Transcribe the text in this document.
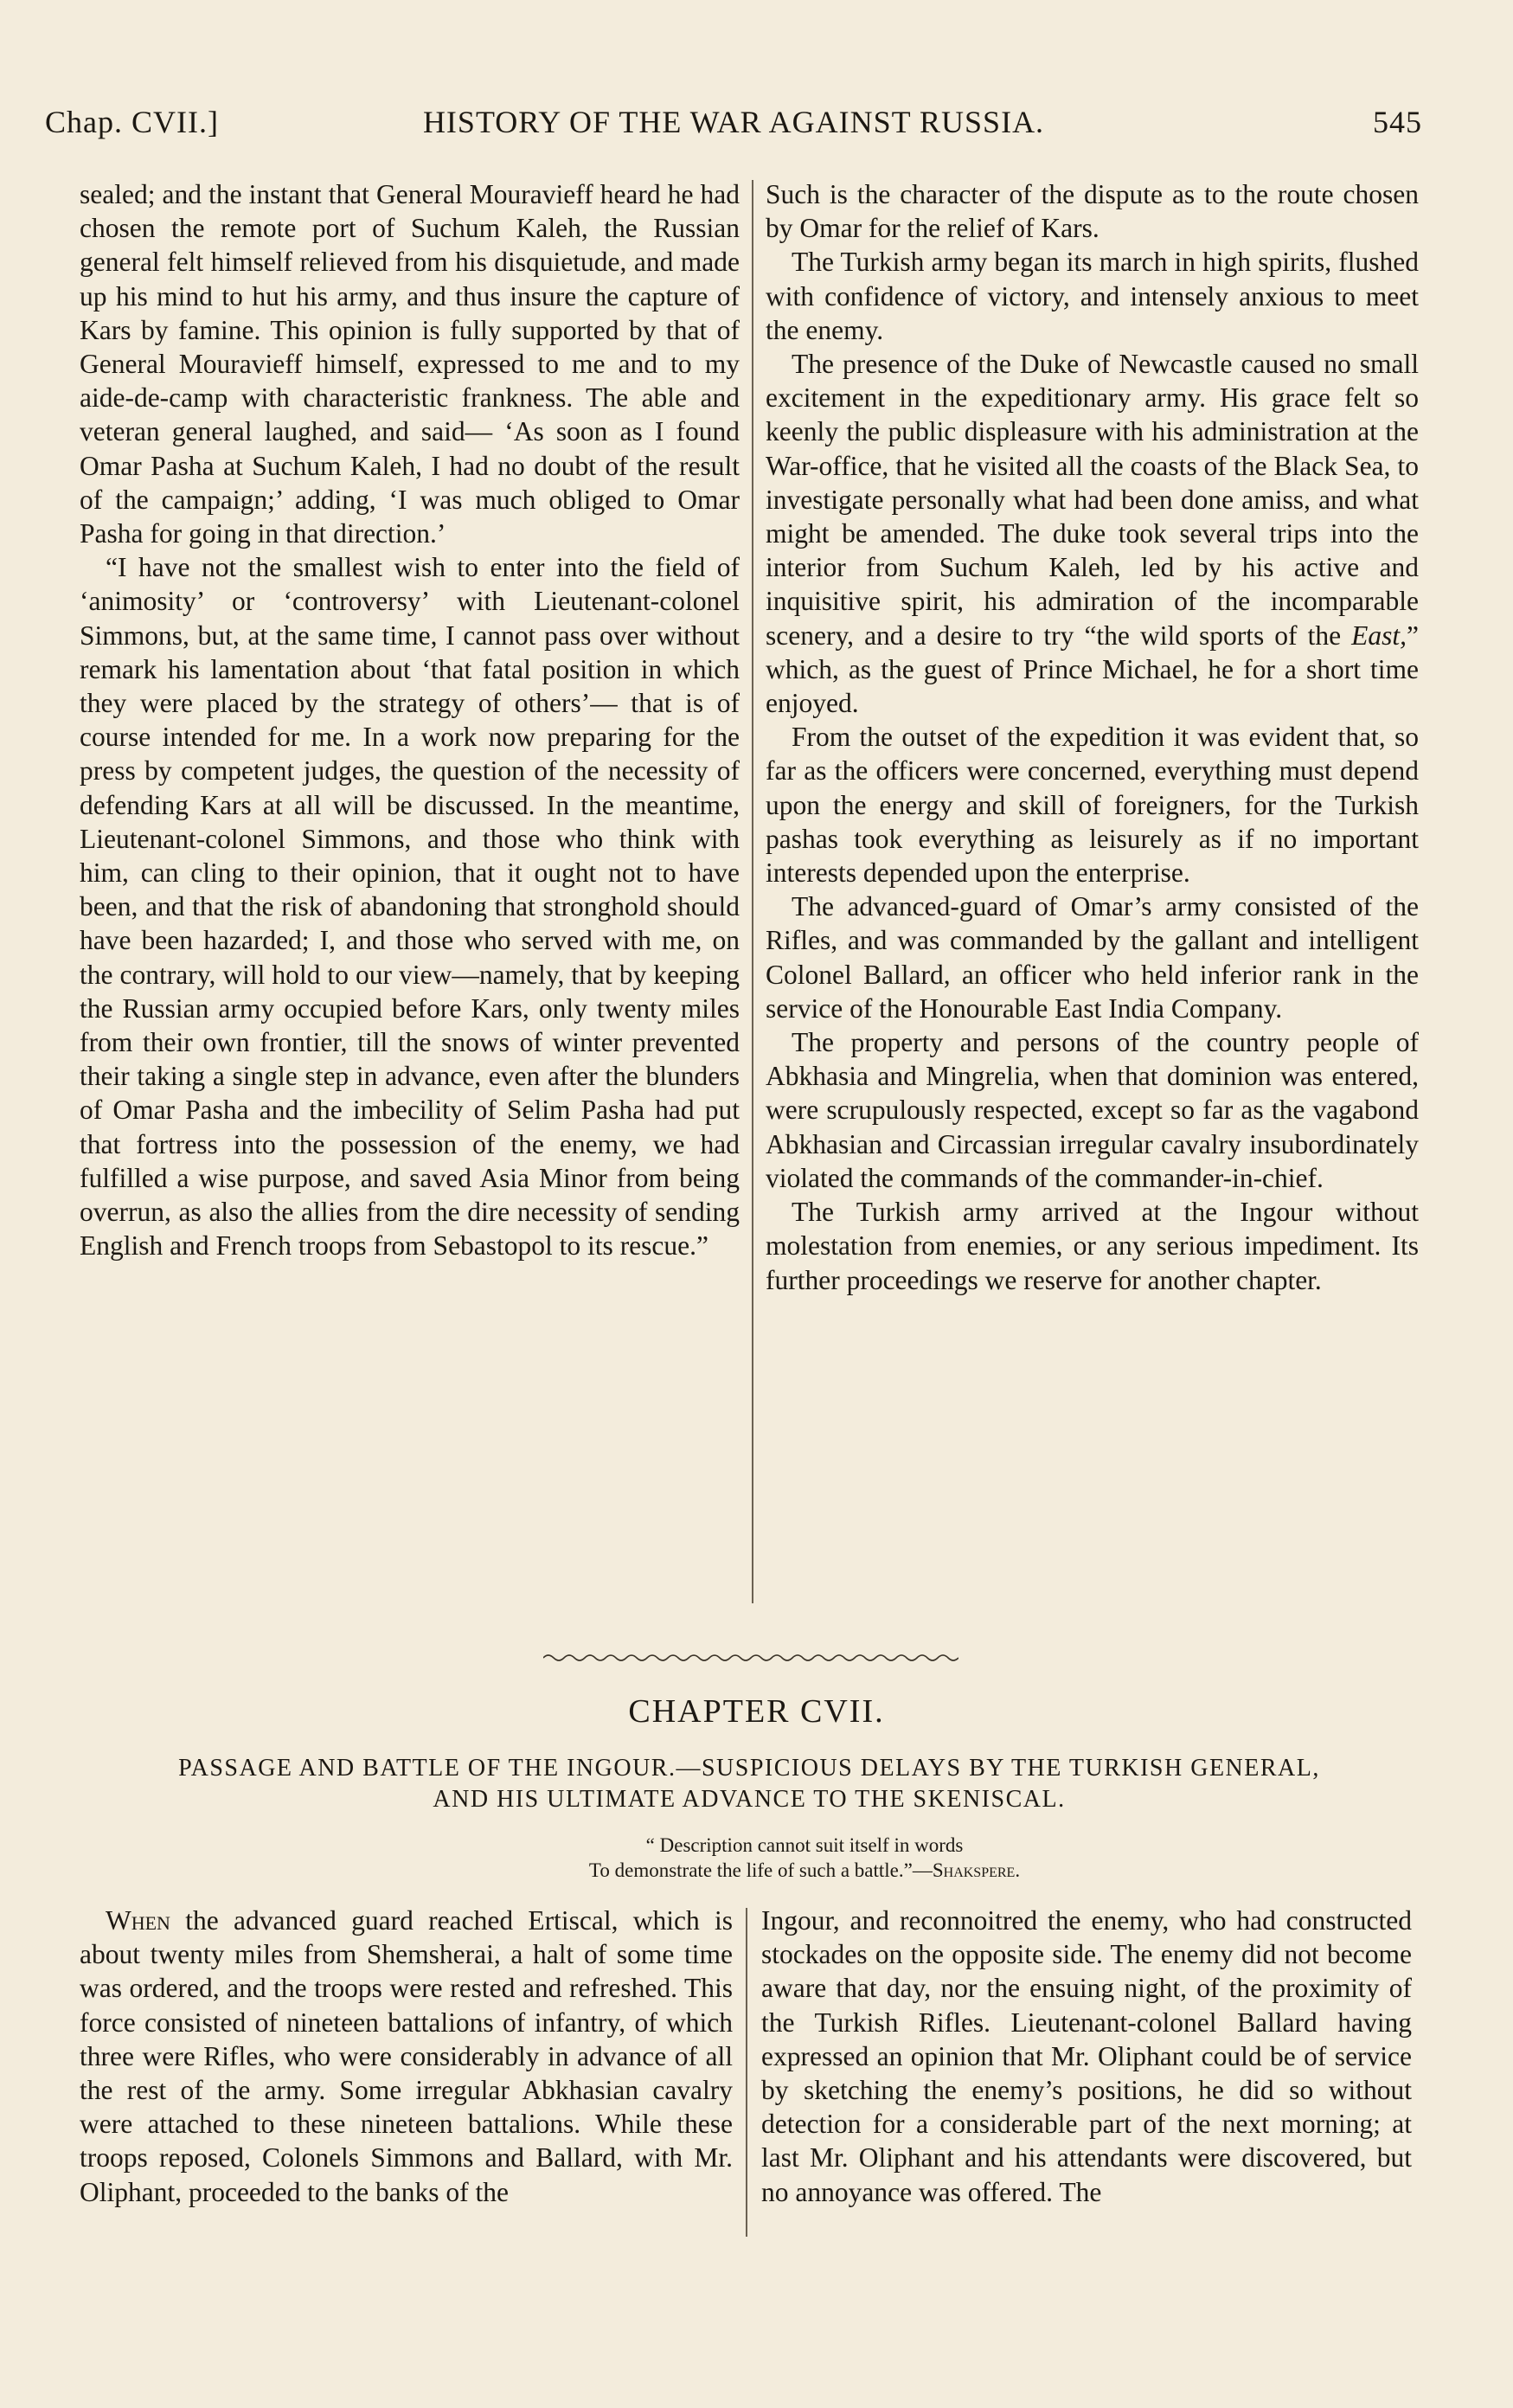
Chap. CVII.]	HISTORY OF THE WAR AGAINST RUSSIA.	545

sealed; and the instant that General Mouravieff heard he had chosen the remote port of Suchum Kaleh, the Russian general felt himself relieved from his disquietude, and made up his mind to hut his army, and thus insure the capture of Kars by famine. This opinion is fully supported by that of General Mouravieff himself, expressed to me and to my aide-de-camp with characteristic frankness. The able and veteran general laughed, and said— ‘As soon as I found Omar Pasha at Suchum Kaleh, I had no doubt of the result of the campaign;’ adding, ‘I was much obliged to Omar Pasha for going in that direction.’

“I have not the smallest wish to enter into the field of ‘animosity’ or ‘controversy’ with Lieutenant-colonel Simmons, but, at the same time, I cannot pass over without remark his lamentation about ‘that fatal position in which they were placed by the strategy of others’— that is of course intended for me. In a work now preparing for the press by competent judges, the question of the necessity of defending Kars at all will be discussed. In the meantime, Lieutenant-colonel Simmons, and those who think with him, can cling to their opinion, that it ought not to have been, and that the risk of abandoning that stronghold should have been hazarded; I, and those who served with me, on the contrary, will hold to our view—namely, that by keeping the Russian army occupied before Kars, only twenty miles from their own frontier, till the snows of winter prevented their taking a single step in advance, even after the blunders of Omar Pasha and the imbecility of Selim Pasha had put that fortress into the possession of the enemy, we had fulfilled a wise purpose, and saved Asia Minor from being overrun, as also the allies from the dire necessity of sending English and French troops from Sebastopol to its rescue.”

Such is the character of the dispute as to the route chosen by Omar for the relief of Kars.

The Turkish army began its march in high spirits, flushed with confidence of victory, and intensely anxious to meet the enemy.

The presence of the Duke of Newcastle caused no small excitement in the expeditionary army. His grace felt so keenly the public displeasure with his administration at the War-office, that he visited all the coasts of the Black Sea, to investigate personally what had been done amiss, and what might be amended. The duke took several trips into the interior from Suchum Kaleh, led by his active and inquisitive spirit, his admiration of the incomparable scenery, and a desire to try “the wild sports of the East,” which, as the guest of Prince Michael, he for a short time enjoyed.

From the outset of the expedition it was evident that, so far as the officers were concerned, everything must depend upon the energy and skill of foreigners, for the Turkish pashas took everything as leisurely as if no important interests depended upon the enterprise.

The advanced-guard of Omar’s army consisted of the Rifles, and was commanded by the gallant and intelligent Colonel Ballard, an officer who held inferior rank in the service of the Honourable East India Company.

The property and persons of the country people of Abkhasia and Mingrelia, when that dominion was entered, were scrupulously respected, except so far as the vagabond Abkhasian and Circassian irregular cavalry insubordinately violated the commands of the commander-in-chief.

The Turkish army arrived at the Ingour without molestation from enemies, or any serious impediment. Its further proceedings we reserve for another chapter.

CHAPTER CVII.
PASSAGE AND BATTLE OF THE INGOUR.—SUSPICIOUS DELAYS BY THE TURKISH GENERAL,
AND HIS ULTIMATE ADVANCE TO THE SKENISCAL.
“ Description cannot suit itself in words
To demonstrate the life of such a battle.”—Shakspere.

When the advanced guard reached Ertiscal, which is about twenty miles from Shemsherai, a halt of some time was ordered, and the troops were rested and refreshed. This force consisted of nineteen battalions of infantry, of which three were Rifles, who were considerably in advance of all the rest of the army. Some irregular Abkhasian cavalry were attached to these nineteen battalions. While these troops reposed, Colonels Simmons and Ballard, with Mr. Oliphant, proceeded to the banks of the

Ingour, and reconnoitred the enemy, who had constructed stockades on the opposite side. The enemy did not become aware that day, nor the ensuing night, of the proximity of the Turkish Rifles. Lieutenant-colonel Ballard having expressed an opinion that Mr. Oliphant could be of service by sketching the enemy’s positions, he did so without detection for a considerable part of the next morning; at last Mr. Oliphant and his attendants were discovered, but no annoyance was offered. The
